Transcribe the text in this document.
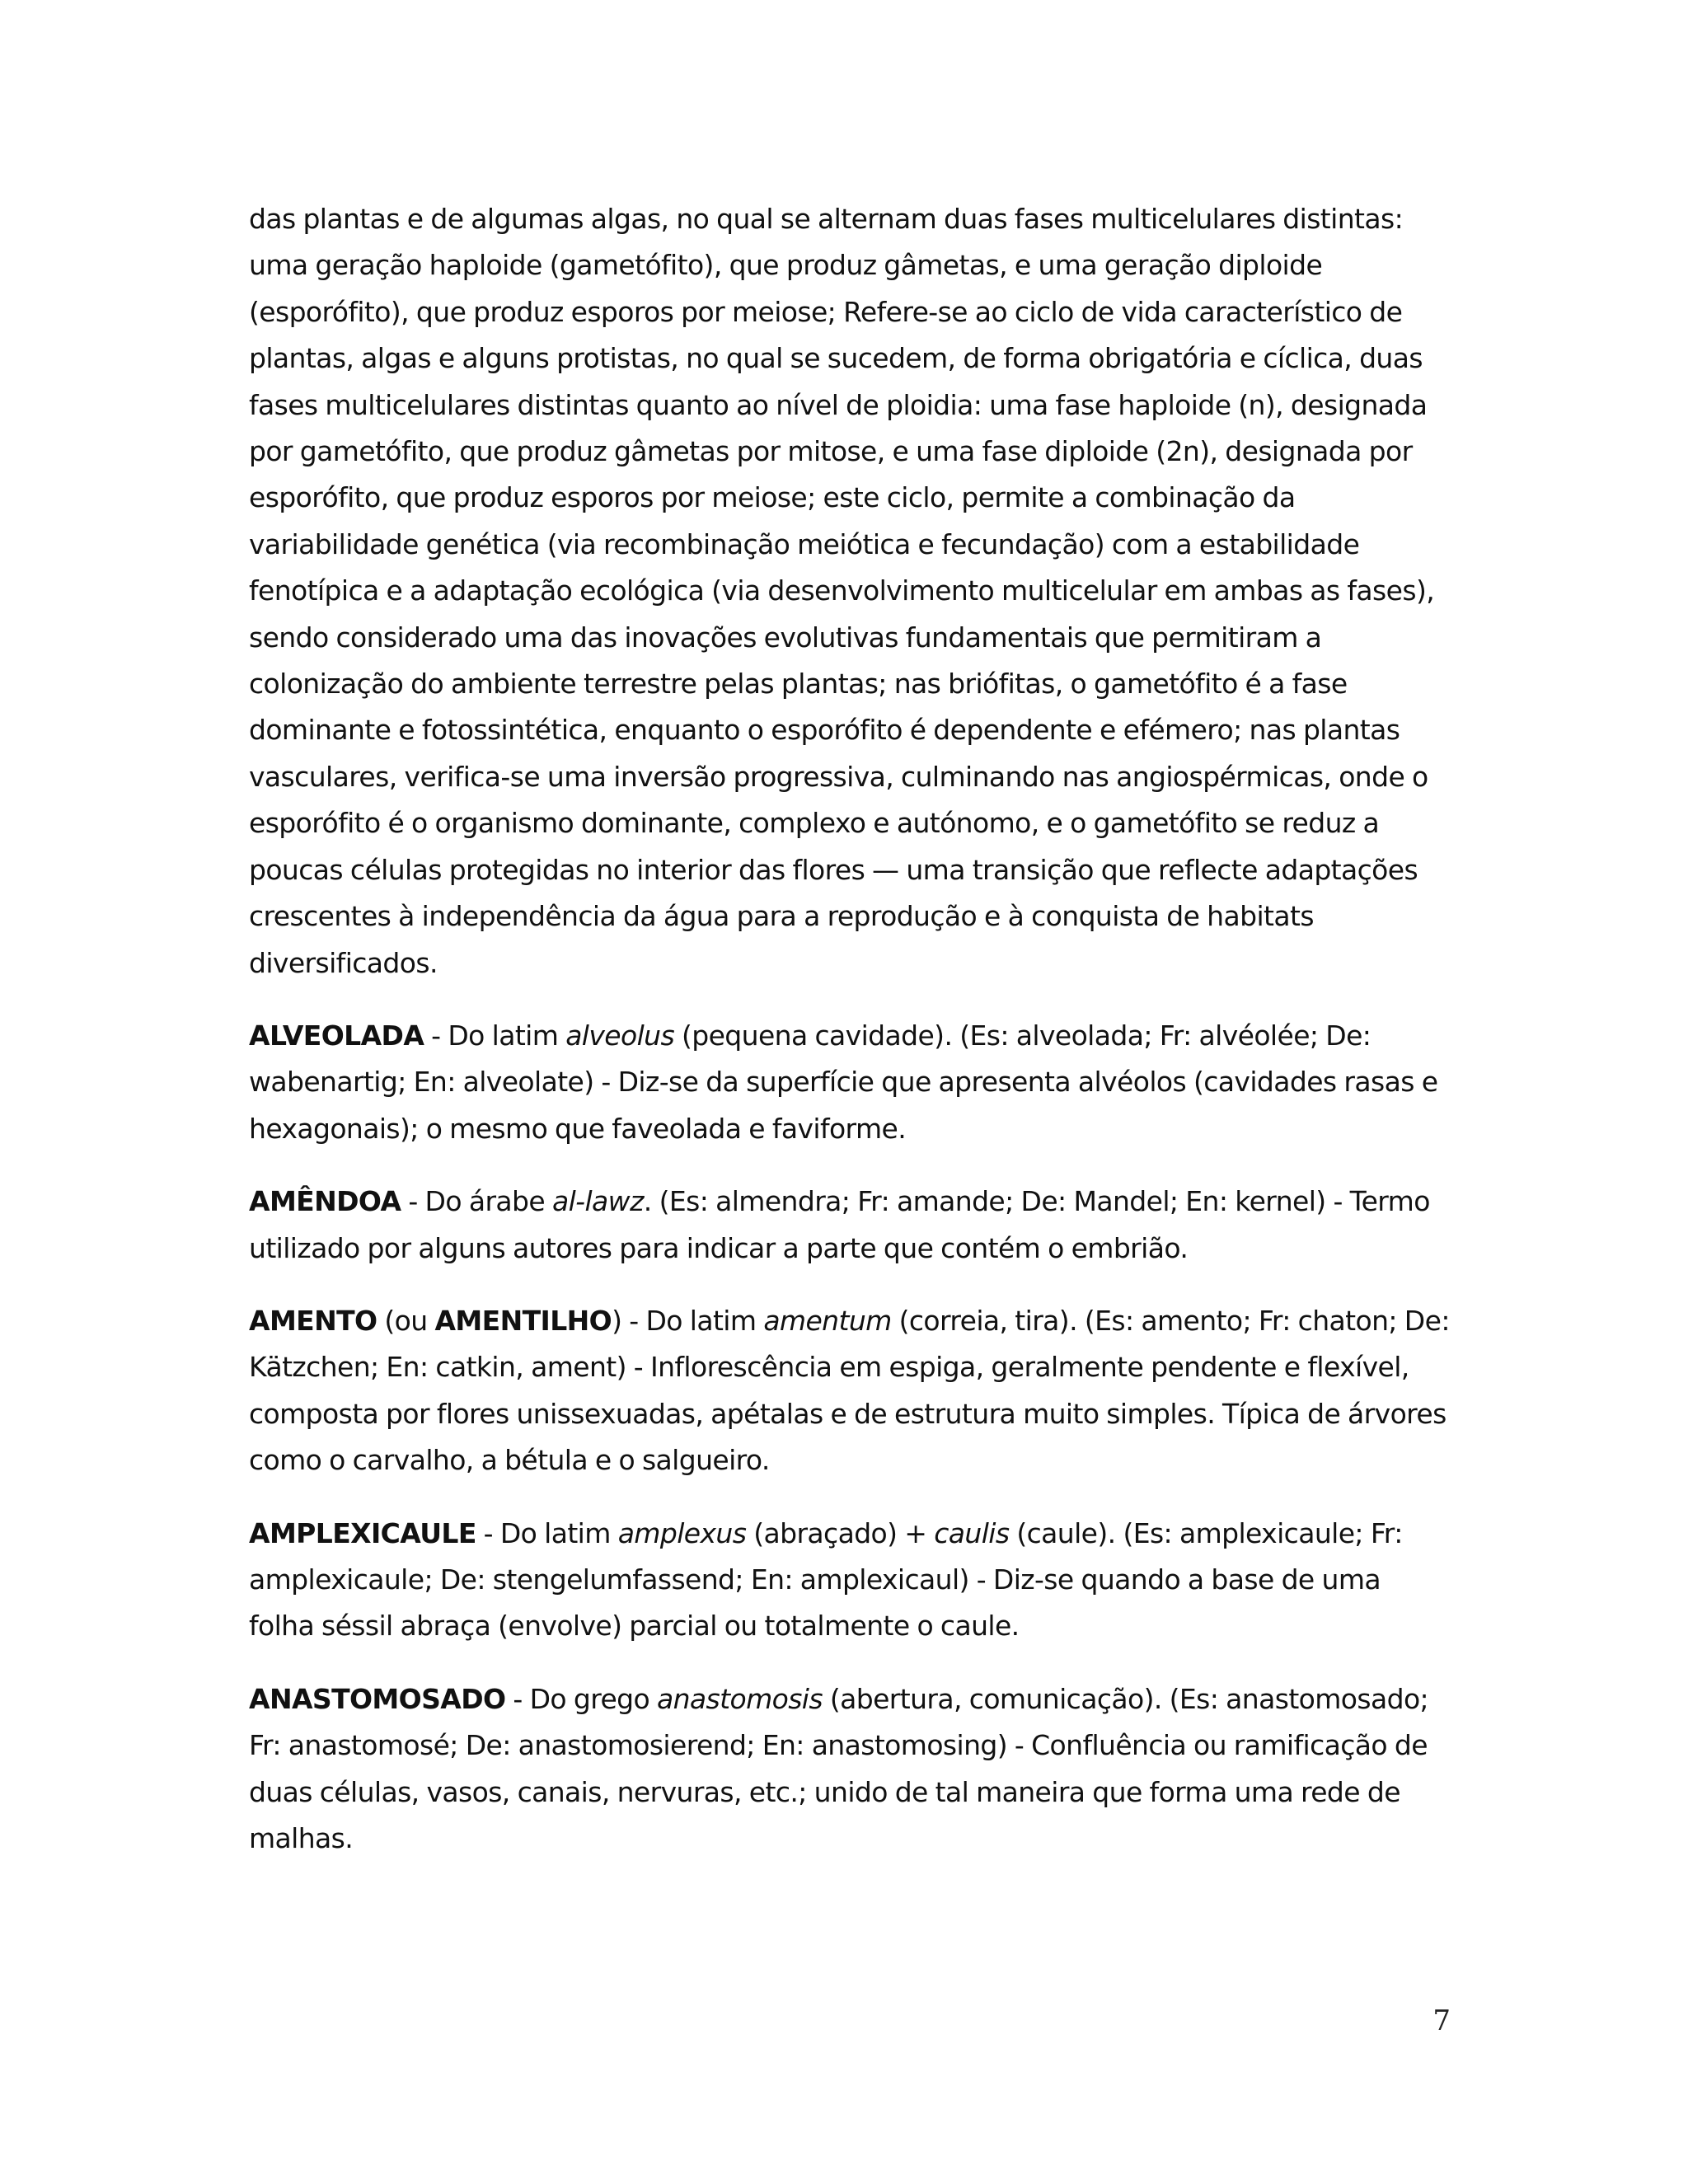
das plantas e de algumas algas, no qual se alternam duas fases multicelulares distintas: uma geração haploide (gametófito), que produz gâmetas, e uma geração diploide (esporófito), que produz esporos por meiose; Refere-se ao ciclo de vida característico de plantas, algas e alguns protistas, no qual se sucedem, de forma obrigatória e cíclica, duas fases multicelulares distintas quanto ao nível de ploidia: uma fase haploide (n), designada por gametófito, que produz gâmetas por mitose, e uma fase diploide (2n), designada por esporófito, que produz esporos por meiose; este ciclo, permite a combinação da variabilidade genética (via recombinação meiótica e fecundação) com a estabilidade fenotípica e a adaptação ecológica (via desenvolvimento multicelular em ambas as fases), sendo considerado uma das inovações evolutivas fundamentais que permitiram a colonização do ambiente terrestre pelas plantas; nas briófitas, o gametófito é a fase dominante e fotossintética, enquanto o esporófito é dependente e efémero; nas plantas vasculares, verifica-se uma inversão progressiva, culminando nas angiospérmicas, onde o esporófito é o organismo dominante, complexo e autónomo, e o gametófito se reduz a poucas células protegidas no interior das flores — uma transição que reflecte adaptações crescentes à independência da água para a reprodução e à conquista de habitats diversificados.

ALVEOLADA - Do latim alveolus (pequena cavidade). (Es: alveolada; Fr: alvéolée; De: wabenartig; En: alveolate) - Diz-se da superfície que apresenta alvéolos (cavidades rasas e hexagonais); o mesmo que faveolada e faviforme.

AMÊNDOA - Do árabe al-lawz. (Es: almendra; Fr: amande; De: Mandel; En: kernel) - Termo utilizado por alguns autores para indicar a parte que contém o embrião.

AMENTO (ou AMENTILHO) - Do latim amentum (correia, tira). (Es: amento; Fr: chaton; De: Kätzchen; En: catkin, ament) - Inflorescência em espiga, geralmente pendente e flexível, composta por flores unissexuadas, apétalas e de estrutura muito simples. Típica de árvores como o carvalho, a bétula e o salgueiro.

AMPLEXICAULE - Do latim amplexus (abraçado) + caulis (caule). (Es: amplexicaule; Fr: amplexicaule; De: stengelumfassend; En: amplexicaul) - Diz-se quando a base de uma folha séssil abraça (envolve) parcial ou totalmente o caule.

ANASTOMOSADO - Do grego anastomosis (abertura, comunicação). (Es: anastomosado; Fr: anastomosé; De: anastomosierend; En: anastomosing) - Confluência ou ramificação de duas células, vasos, canais, nervuras, etc.; unido de tal maneira que forma uma rede de malhas.

7
